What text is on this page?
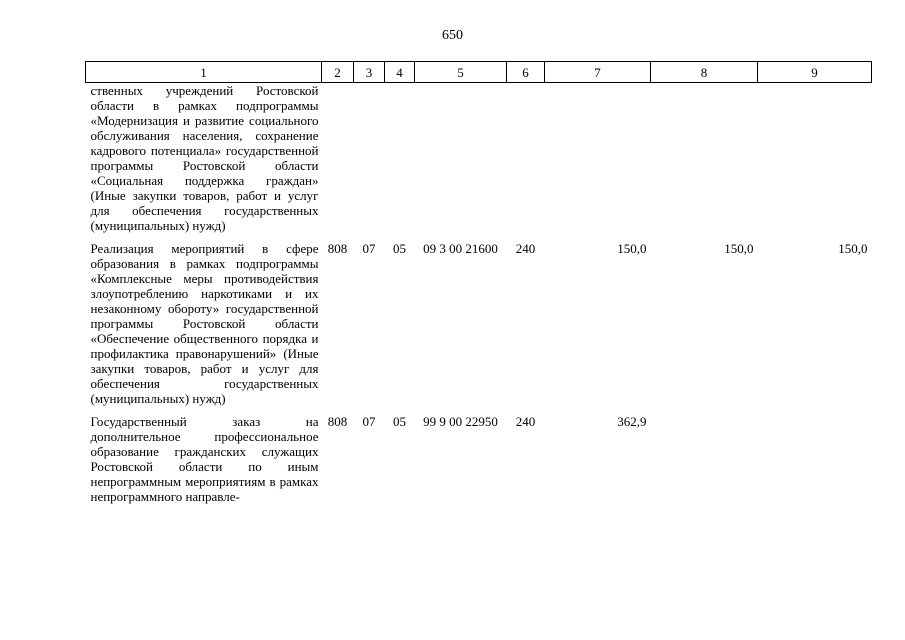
650
1	2	3	4	5	6	7	8	9
ственных учреждений Ростовской области в рамках подпрограммы «Модернизация и развитие социального обслуживания населения, сохранение кадрового потенциала» государственной программы Ростовской области «Социальная поддержка граждан» (Иные закупки товаров, работ и услуг для обеспечения государственных (муниципальных) нужд)								
Реализация мероприятий в сфере образования в рамках подпрограммы «Комплексные меры противодействия злоупотреблению наркотиками и их незаконному обороту» государственной программы Ростовской области «Обеспечение общественного порядка и профилактика правонарушений» (Иные закупки товаров, работ и услуг для обеспечения государственных (муниципальных) нужд)	808	07	05	09 3 00 21600	240	150,0	150,0	150,0
Государственный заказ на дополнительное профессиональное образование гражданских служащих Ростовской области по иным непрограммным мероприятиям в рамках непрограммного направле-	808	07	05	99 9 00 22950	240	362,9		
